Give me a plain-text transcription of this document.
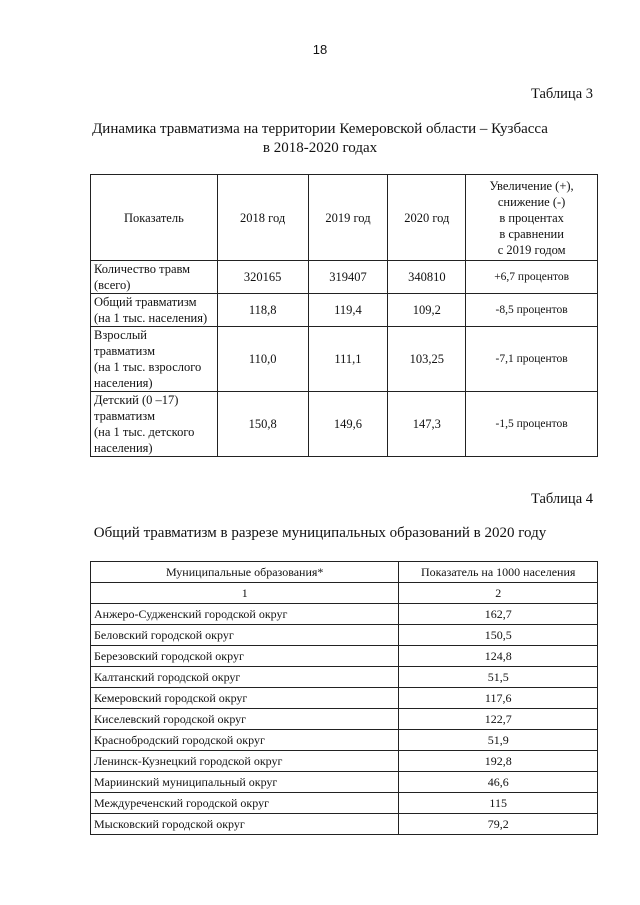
18
Таблица 3
Динамика травматизма на территории Кемеровской области – Кузбасса
в 2018-2020 годах
Показатель	2018 год	2019 год	2020 год	Увеличение (+),
снижение (-)
в процентах
в сравнении
с 2019 годом

Количество травм
(всего)	320165	319407	340810	+6,7 процентов

Общий травматизм
(на 1 тыс. населения)	118,8	119,4	109,2	-8,5 процентов

Взрослый
травматизм
(на 1 тыс. взрослого
населения)	110,0	111,1	103,25	-7,1 процентов

Детский (0 –17)
травматизм
(на 1 тыс. детского
населения)	150,8	149,6	147,3	-1,5 процентов
Таблица 4
Общий травматизм в разрезе муниципальных образований в 2020 году
Муниципальные образования*	Показатель на 1000 населения
1	2
Анжеро-Судженский городской округ	162,7
Беловский городской округ	150,5
Березовский городской округ	124,8
Калтанский городской округ	51,5
Кемеровский городской округ	117,6
Киселевский городской округ	122,7
Краснобродский городской округ	51,9
Ленинск-Кузнецкий городской округ	192,8
Мариинский муниципальный округ	46,6
Междуреченский городской округ	115
Мысковский городской округ	79,2
